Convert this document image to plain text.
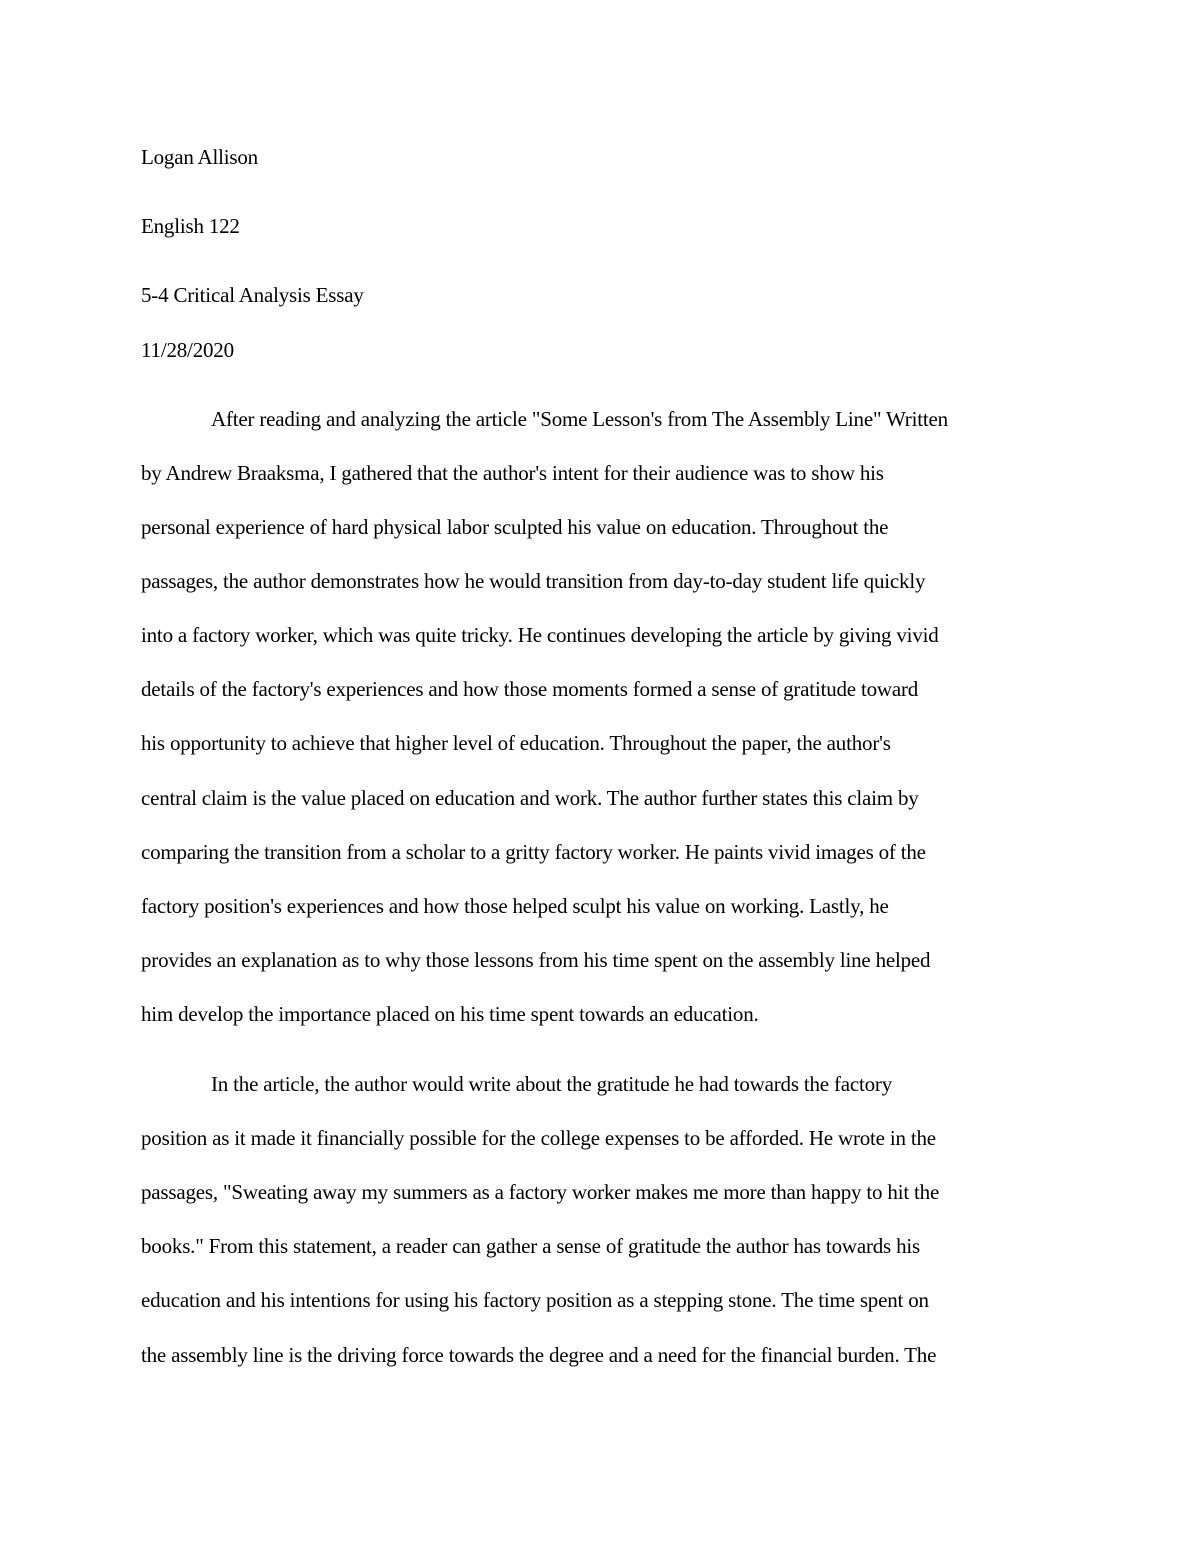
Logan Allison

English 122

5-4 Critical Analysis Essay

11/28/2020

After reading and analyzing the article "Some Lesson's from The Assembly Line" Written

by Andrew Braaksma, I gathered that the author's intent for their audience was to show his

personal experience of hard physical labor sculpted his value on education. Throughout the

passages, the author demonstrates how he would transition from day-to-day student life quickly

into a factory worker, which was quite tricky. He continues developing the article by giving vivid

details of the factory's experiences and how those moments formed a sense of gratitude toward

his opportunity to achieve that higher level of education. Throughout the paper, the author's

central claim is the value placed on education and work. The author further states this claim by

comparing the transition from a scholar to a gritty factory worker. He paints vivid images of the

factory position's experiences and how those helped sculpt his value on working. Lastly, he

provides an explanation as to why those lessons from his time spent on the assembly line helped

him develop the importance placed on his time spent towards an education.

In the article, the author would write about the gratitude he had towards the factory

position as it made it financially possible for the college expenses to be afforded. He wrote in the

passages, "Sweating away my summers as a factory worker makes me more than happy to hit the

books." From this statement, a reader can gather a sense of gratitude the author has towards his

education and his intentions for using his factory position as a stepping stone. The time spent on

the assembly line is the driving force towards the degree and a need for the financial burden. The
